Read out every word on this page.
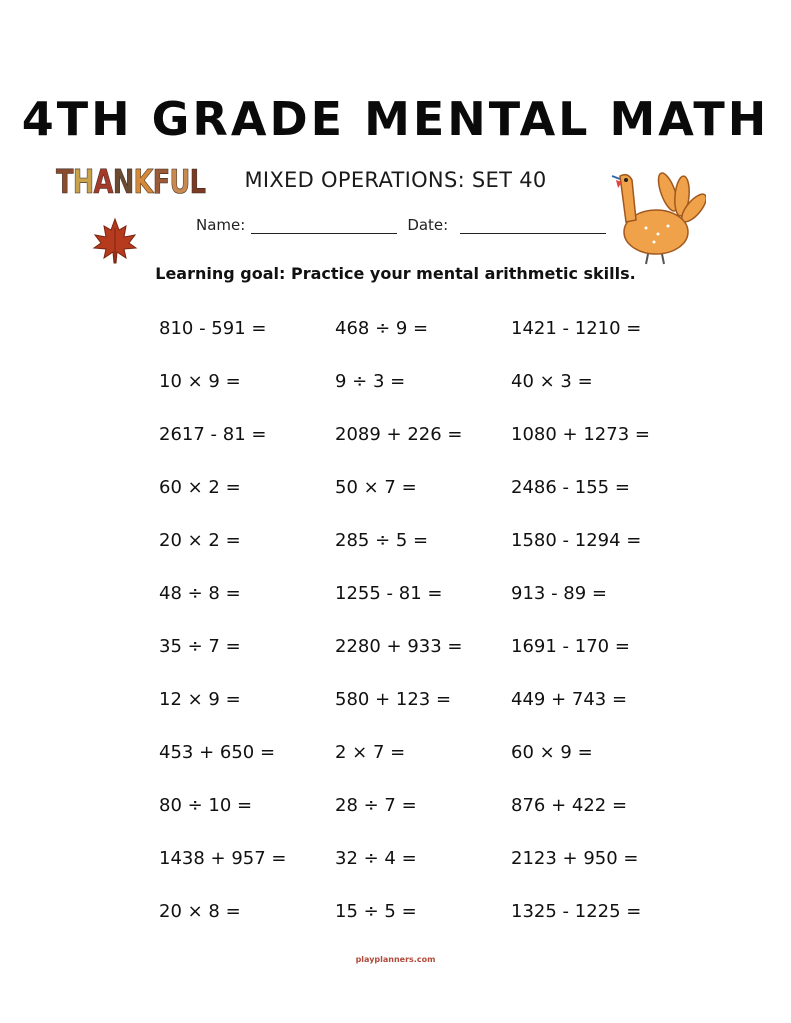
4TH GRADE MENTAL MATH
THANKFUL	MIXED OPERATIONS: SET 40
Name:	Date:
Learning goal: Practice your mental arithmetic skills.
810 - 591 =	468 ÷ 9 =	1421 - 1210 =
10 × 9 =	9 ÷ 3 =	40 × 3 =
2617 - 81 =	2089 + 226 =	1080 + 1273 =
60 × 2 =	50 × 7 =	2486 - 155 =
20 × 2 =	285 ÷ 5 =	1580 - 1294 =
48 ÷ 8 =	1255 - 81 =	913 - 89 =
35 ÷ 7 =	2280 + 933 =	1691 - 170 =
12 × 9 =	580 + 123 =	449 + 743 =
453 + 650 =	2 × 7 =	60 × 9 =
80 ÷ 10 =	28 ÷ 7 =	876 + 422 =
1438 + 957 =	32 ÷ 4 =	2123 + 950 =
20 × 8 =	15 ÷ 5 =	1325 - 1225 =
playplanners.com
